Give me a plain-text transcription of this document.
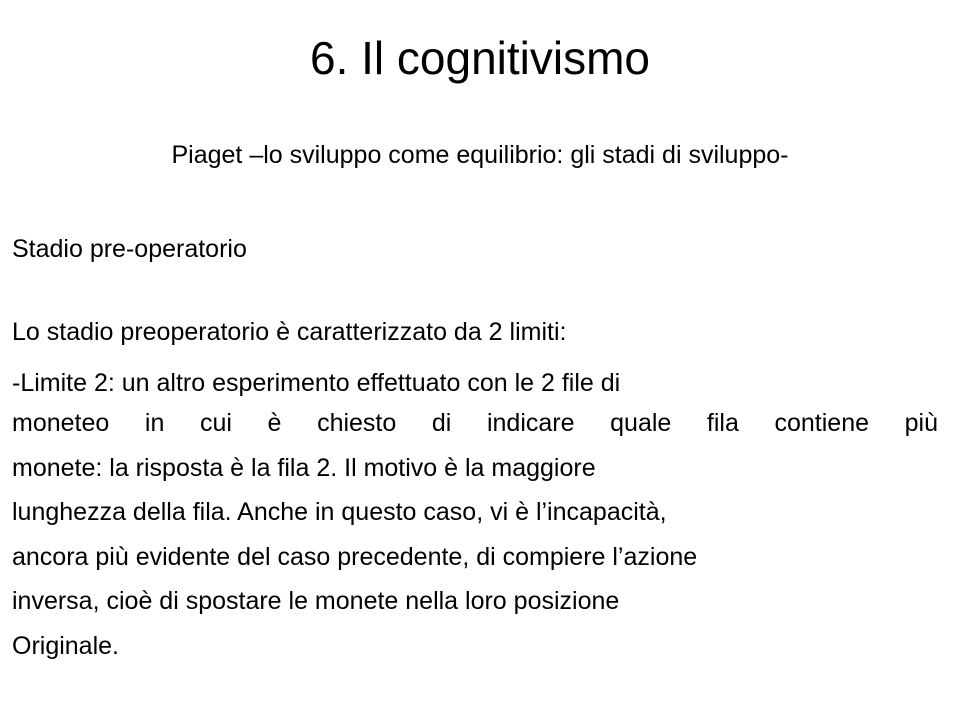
6. Il cognitivismo
Piaget –lo sviluppo come equilibrio: gli stadi di sviluppo-
Stadio pre-operatorio
Lo stadio preoperatorio è caratterizzato da 2 limiti:
-Limite 2: un altro esperimento effettuato con le 2 file di
moneteo in cui è chiesto di indicare quale fila contiene più
monete: la risposta è la fila 2. Il motivo è la maggiore
lunghezza della fila. Anche in questo caso, vi è l’incapacità,
ancora più evidente del caso precedente, di compiere l’azione
inversa, cioè di spostare le monete nella loro posizione
Originale.
